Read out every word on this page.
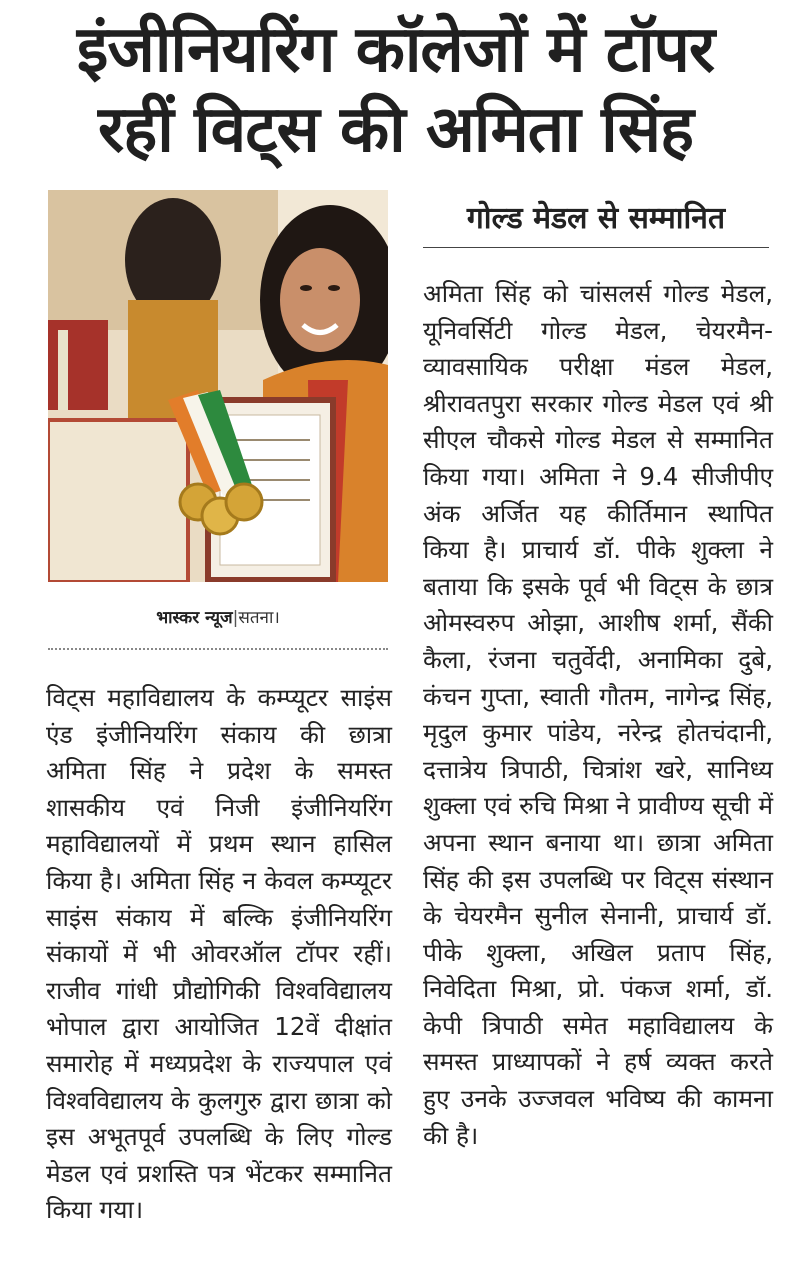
इंजीनियरिंग कॉलेजों में टॉपर
रहीं विट्स की अमिता सिंह
भास्कर न्यूज|सतना।
विट्स महाविद्यालय के कम्प्यूटर साइंस एंड इंजीनियरिंग संकाय की छात्रा अमिता सिंह ने प्रदेश के समस्त शासकीय एवं निजी इंजीनियरिंग महाविद्यालयों में प्रथम स्थान हासिल किया है। अमिता सिंह न केवल कम्प्यूटर साइंस संकाय में बल्कि इंजीनियरिंग संकायों में भी ओवरऑल टॉपर रहीं। राजीव गांधी प्रौद्योगिकी विश्वविद्यालय भोपाल द्वारा आयोजित 12वें दीक्षांत समारोह में मध्यप्रदेश के राज्यपाल एवं विश्वविद्यालय के कुलगुरु द्वारा छात्रा को इस अभूतपूर्व उपलब्धि के लिए गोल्ड मेडल एवं प्रशस्ति पत्र भेंटकर सम्मानित किया गया।
गोल्ड मेडल से सम्मानित
अमिता सिंह को चांसलर्स गोल्ड मेडल, यूनिवर्सिटी गोल्ड मेडल, चेयरमैन-व्यावसायिक परीक्षा मंडल मेडल, श्रीरावतपुरा सरकार गोल्ड मेडल एवं श्री सीएल चौकसे गोल्ड मेडल से सम्मानित किया गया। अमिता ने 9.4 सीजीपीए अंक अर्जित यह कीर्तिमान स्थापित किया है। प्राचार्य डॉ. पीके शुक्ला ने बताया कि इसके पूर्व भी विट्स के छात्र ओमस्वरुप ओझा, आशीष शर्मा, सैंकी कैला, रंजना चतुर्वेदी, अनामिका दुबे, कंचन गुप्ता, स्वाती गौतम, नागेन्द्र सिंह, मृदुल कुमार पांडेय, नरेन्द्र होतचंदानी, दत्तात्रेय त्रिपाठी, चित्रांश खरे, सानिध्य शुक्ला एवं रुचि मिश्रा ने प्रावीण्य सूची में अपना स्थान बनाया था। छात्रा अमिता सिंह की इस उपलब्धि पर विट्स संस्थान के चेयरमैन सुनील सेनानी, प्राचार्य डॉ. पीके शुक्ला, अखिल प्रताप सिंह, निवेदिता मिश्रा, प्रो. पंकज शर्मा, डॉ. केपी त्रिपाठी समेत महाविद्यालय के समस्त प्राध्यापकों ने हर्ष व्यक्त करते हुए उनके उज्जवल भविष्य की कामना की है।
